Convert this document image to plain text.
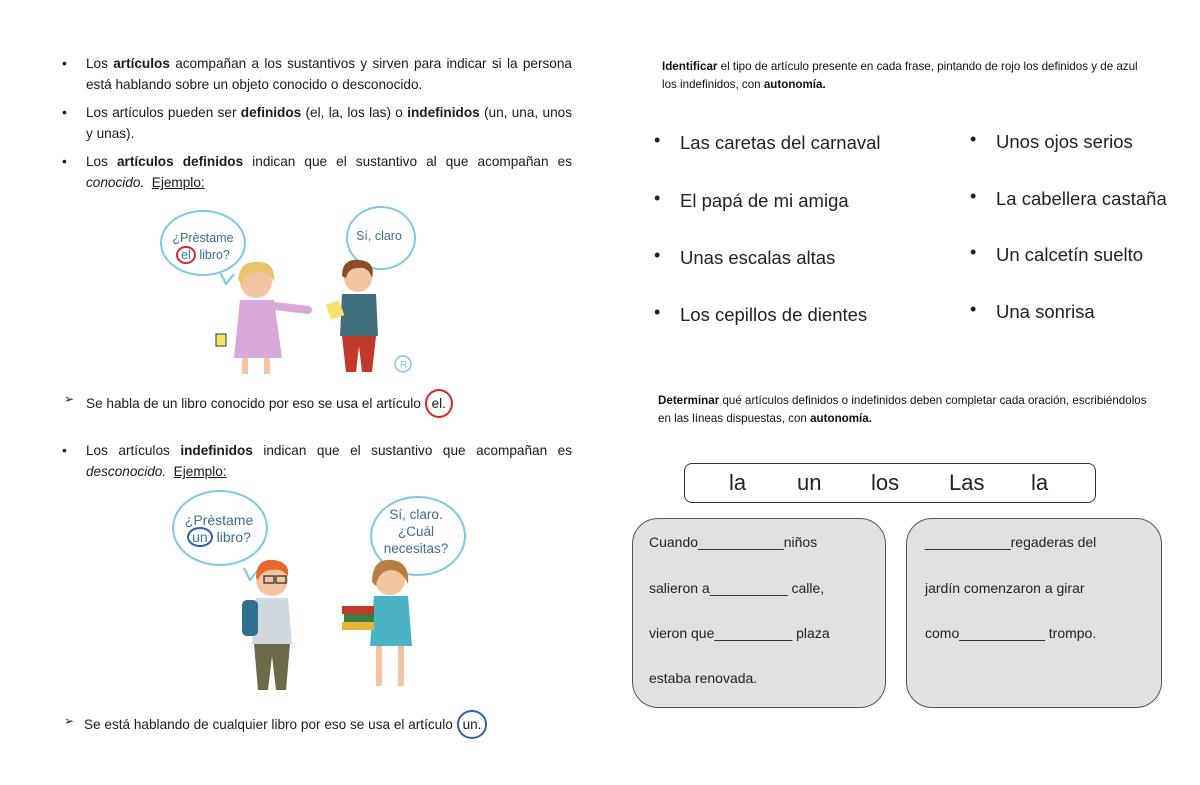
• Los artículos acompañan a los sustantivos y sirven para indicar si la persona está hablando sobre un objeto conocido o desconocido.
• Los artículos pueden ser definidos (el, la, los las) o indefinidos (un, una, unos y unas).
• Los artículos definidos indican que el sustantivo al que acompañan es conocido. Ejemplo:
¿Prèstame
el libro?
Sí, claro
R
➢ Se habla de un libro conocido por eso se usa el artículo el.
• Los artículos indefinidos indican que el sustantivo que acompañan es desconocido. Ejemplo:
¿Prèstame
un libro?
Sí, claro.
¿Cuál
necesitas?
➢ Se está hablando de cualquier libro por eso se usa el artículo un.
Identificar el tipo de artículo presente en cada frase, pintando de rojo los definidos y de azul los indefinidos, con autonomía.
• Las caretas del carnaval
• El papá de mi amiga
• Unas escalas altas
• Los cepillos de dientes
• Unos ojos serios
• La cabellera castaña
• Un calcetín suelto
• Una sonrisa
Determinar qué artículos definidos o indefinidos deben completar cada oración, escribiéndolos en las líneas dispuestas, con autonomía.
la un los Las la
Cuando___________niños
salieron a__________ calle,
vieron que__________ plaza
estaba renovada.
___________regaderas del
jardín comenzaron a girar
como___________ trompo.
